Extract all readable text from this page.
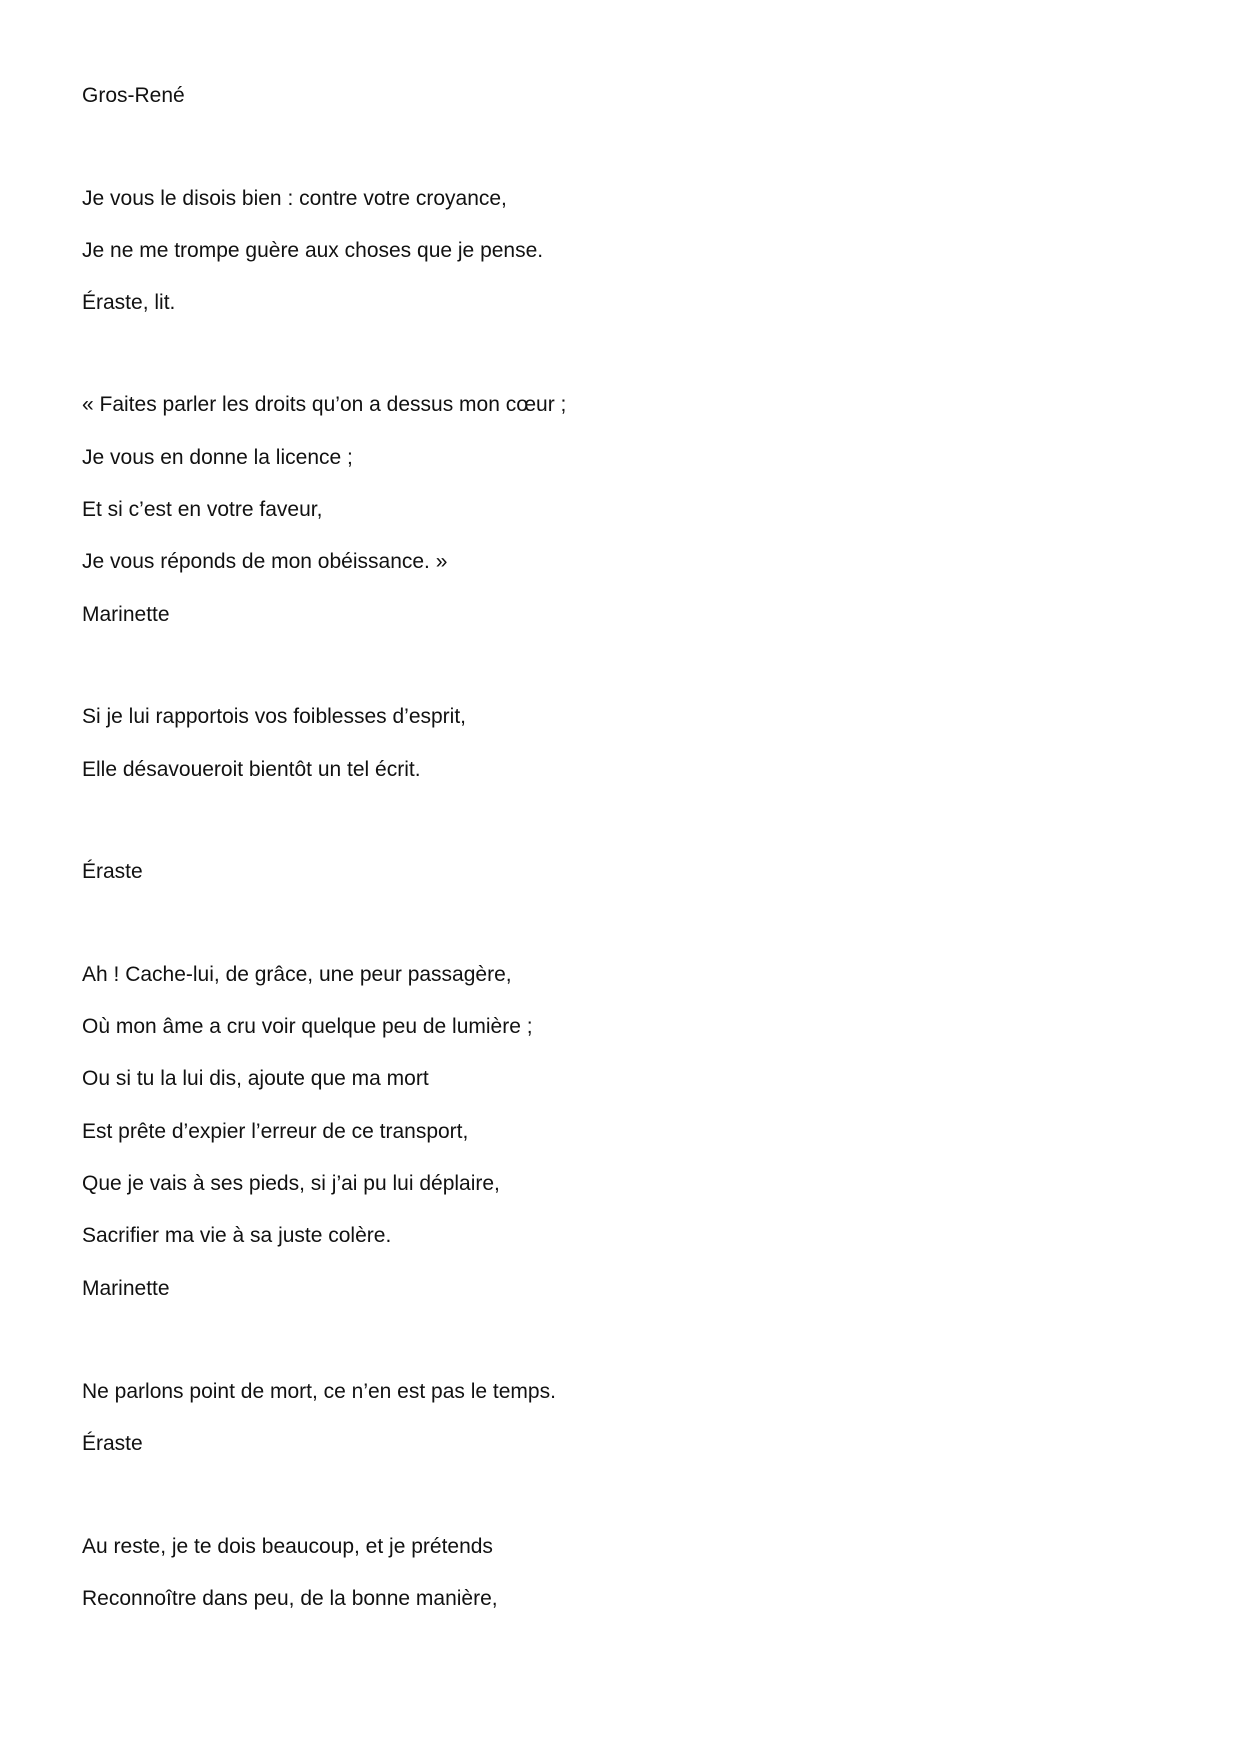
Gros-René

Je vous le disois bien : contre votre croyance,

Je ne me trompe guère aux choses que je pense.

Éraste, lit.

« Faites parler les droits qu’on a dessus mon cœur ;

Je vous en donne la licence ;

Et si c’est en votre faveur,

Je vous réponds de mon obéissance. »

Marinette

Si je lui rapportois vos foiblesses d’esprit,

Elle désavoueroit bientôt un tel écrit.

Éraste

Ah ! Cache-lui, de grâce, une peur passagère,

Où mon âme a cru voir quelque peu de lumière ;

Ou si tu la lui dis, ajoute que ma mort

Est prête d’expier l’erreur de ce transport,

Que je vais à ses pieds, si j’ai pu lui déplaire,

Sacrifier ma vie à sa juste colère.

Marinette

Ne parlons point de mort, ce n’en est pas le temps.

Éraste

Au reste, je te dois beaucoup, et je prétends

Reconnoître dans peu, de la bonne manière,
